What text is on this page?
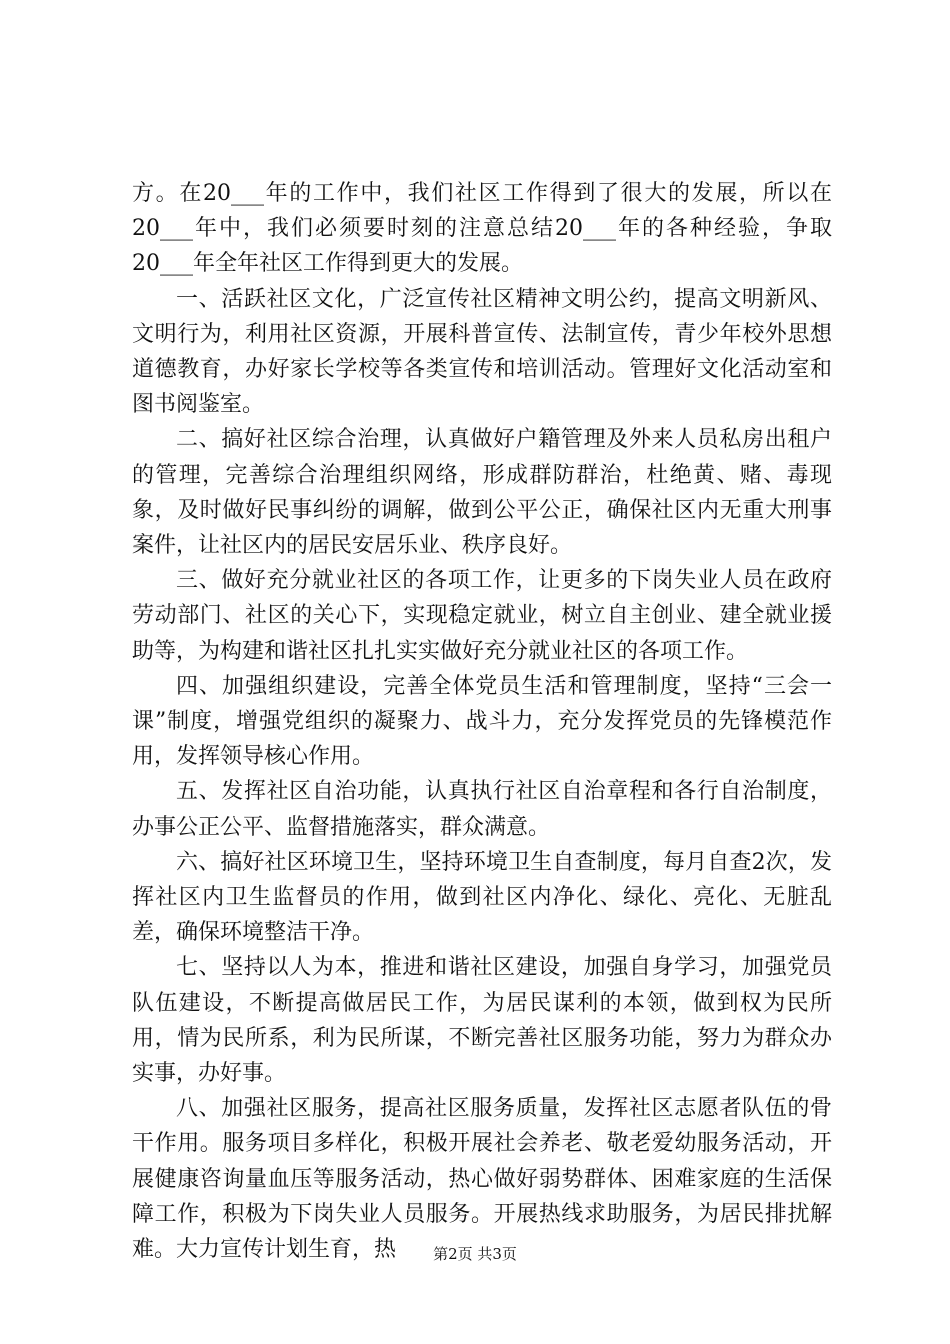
方。在20___年的工作中，我们社区工作得到了很大的发展，所以在20___年中，我们必须要时刻的注意总结20___年的各种经验，争取20___年全年社区工作得到更大的发展。

一、活跃社区文化，广泛宣传社区精神文明公约，提高文明新风、文明行为，利用社区资源，开展科普宣传、法制宣传，青少年校外思想道德教育，办好家长学校等各类宣传和培训活动。管理好文化活动室和图书阅鉴室。

二、搞好社区综合治理，认真做好户籍管理及外来人员私房出租户的管理，完善综合治理组织网络，形成群防群治，杜绝黄、赌、毒现象，及时做好民事纠纷的调解，做到公平公正，确保社区内无重大刑事案件，让社区内的居民安居乐业、秩序良好。

三、做好充分就业社区的各项工作，让更多的下岗失业人员在政府劳动部门、社区的关心下，实现稳定就业，树立自主创业、建全就业援助等，为构建和谐社区扎扎实实做好充分就业社区的各项工作。

四、加强组织建设，完善全体党员生活和管理制度，坚持“三会一课”制度，增强党组织的凝聚力、战斗力，充分发挥党员的先锋模范作用，发挥领导核心作用。

五、发挥社区自治功能，认真执行社区自治章程和各行自治制度，办事公正公平、监督措施落实，群众满意。

六、搞好社区环境卫生，坚持环境卫生自查制度，每月自查2次，发挥社区内卫生监督员的作用，做到社区内净化、绿化、亮化、无脏乱差，确保环境整洁干净。

七、坚持以人为本，推进和谐社区建设，加强自身学习，加强党员队伍建设，不断提高做居民工作，为居民谋利的本领，做到权为民所用，情为民所系，利为民所谋，不断完善社区服务功能，努力为群众办实事，办好事。

八、加强社区服务，提高社区服务质量，发挥社区志愿者队伍的骨干作用。服务项目多样化，积极开展社会养老、敬老爱幼服务活动，开展健康咨询量血压等服务活动，热心做好弱势群体、困难家庭的生活保障工作，积极为下岗失业人员服务。开展热线求助服务，为居民排扰解难。大力宣传计划生育，热	第2页 共3页
